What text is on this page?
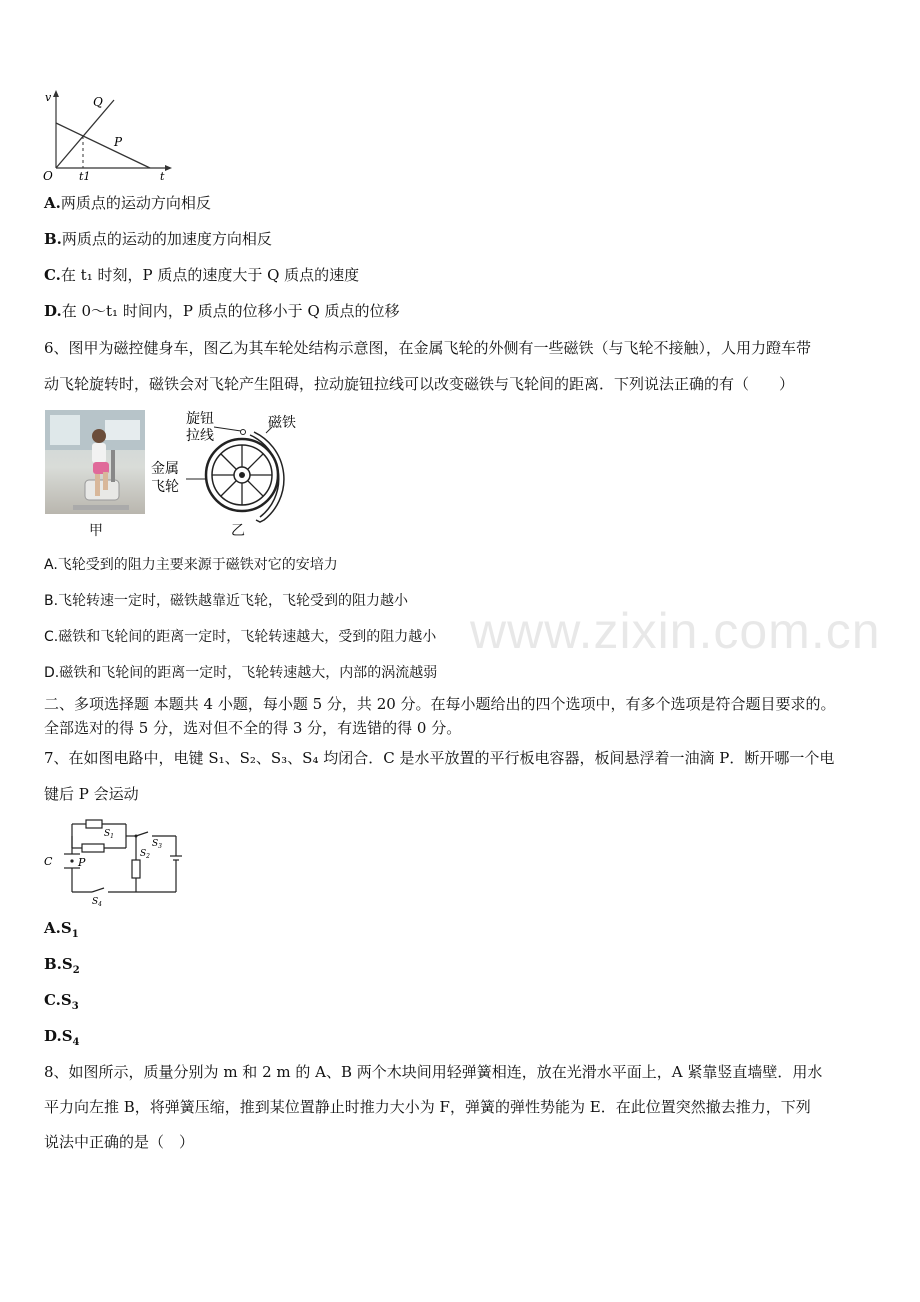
v	Q
P
O t1	t
A.两质点的运动方向相反
B.两质点的运动的加速度方向相反
C.在 t₁ 时刻，P 质点的速度大于 Q 质点的速度
D.在 0～t₁ 时间内，P 质点的位移小于 Q 质点的位移
6、图甲为磁控健身车，图乙为其车轮处结构示意图，在金属飞轮的外侧有一些磁铁（与飞轮不接触），人用力蹬车带
动飞轮旋转时，磁铁会对飞轮产生阻碍，拉动旋钮拉线可以改变磁铁与飞轮间的距离．下列说法正确的有（　　）
甲
旋钮
拉线
磁铁
金属
飞轮
乙
A.飞轮受到的阻力主要来源于磁铁对它的安培力
B.飞轮转速一定时，磁铁越靠近飞轮，飞轮受到的阻力越小
C.磁铁和飞轮间的距离一定时，飞轮转速越大，受到的阻力越小
D.磁铁和飞轮间的距离一定时，飞轮转速越大，内部的涡流越弱
www.zixin.com.cn
二、多项选择题 本题共 4 小题，每小题 5 分，共 20 分。在每小题给出的四个选项中，有多个选项是符合题目要求的。
全部选对的得 5 分，选对但不全的得 3 分，有选错的得 0 分。
7、在如图电路中，电键 S₁、S₂、S₃、S₄ 均闭合．C 是水平放置的平行板电容器，板间悬浮着一油滴 P．断开哪一个电
键后 P 会运动
$S_1$
$S_2$
$S_3$
$S_4$
C P
$A.S_1$
$B.S_2$
$C.S_3$
$D.S_4$
8、如图所示，质量分别为 m 和 2 m 的 A、B 两个木块间用轻弹簧相连，放在光滑水平面上，A 紧靠竖直墙壁．用水
平力向左推 B，将弹簧压缩，推到某位置静止时推力大小为 F，弹簧的弹性势能为 E．在此位置突然撤去推力，下列
说法中正确的是（　）
